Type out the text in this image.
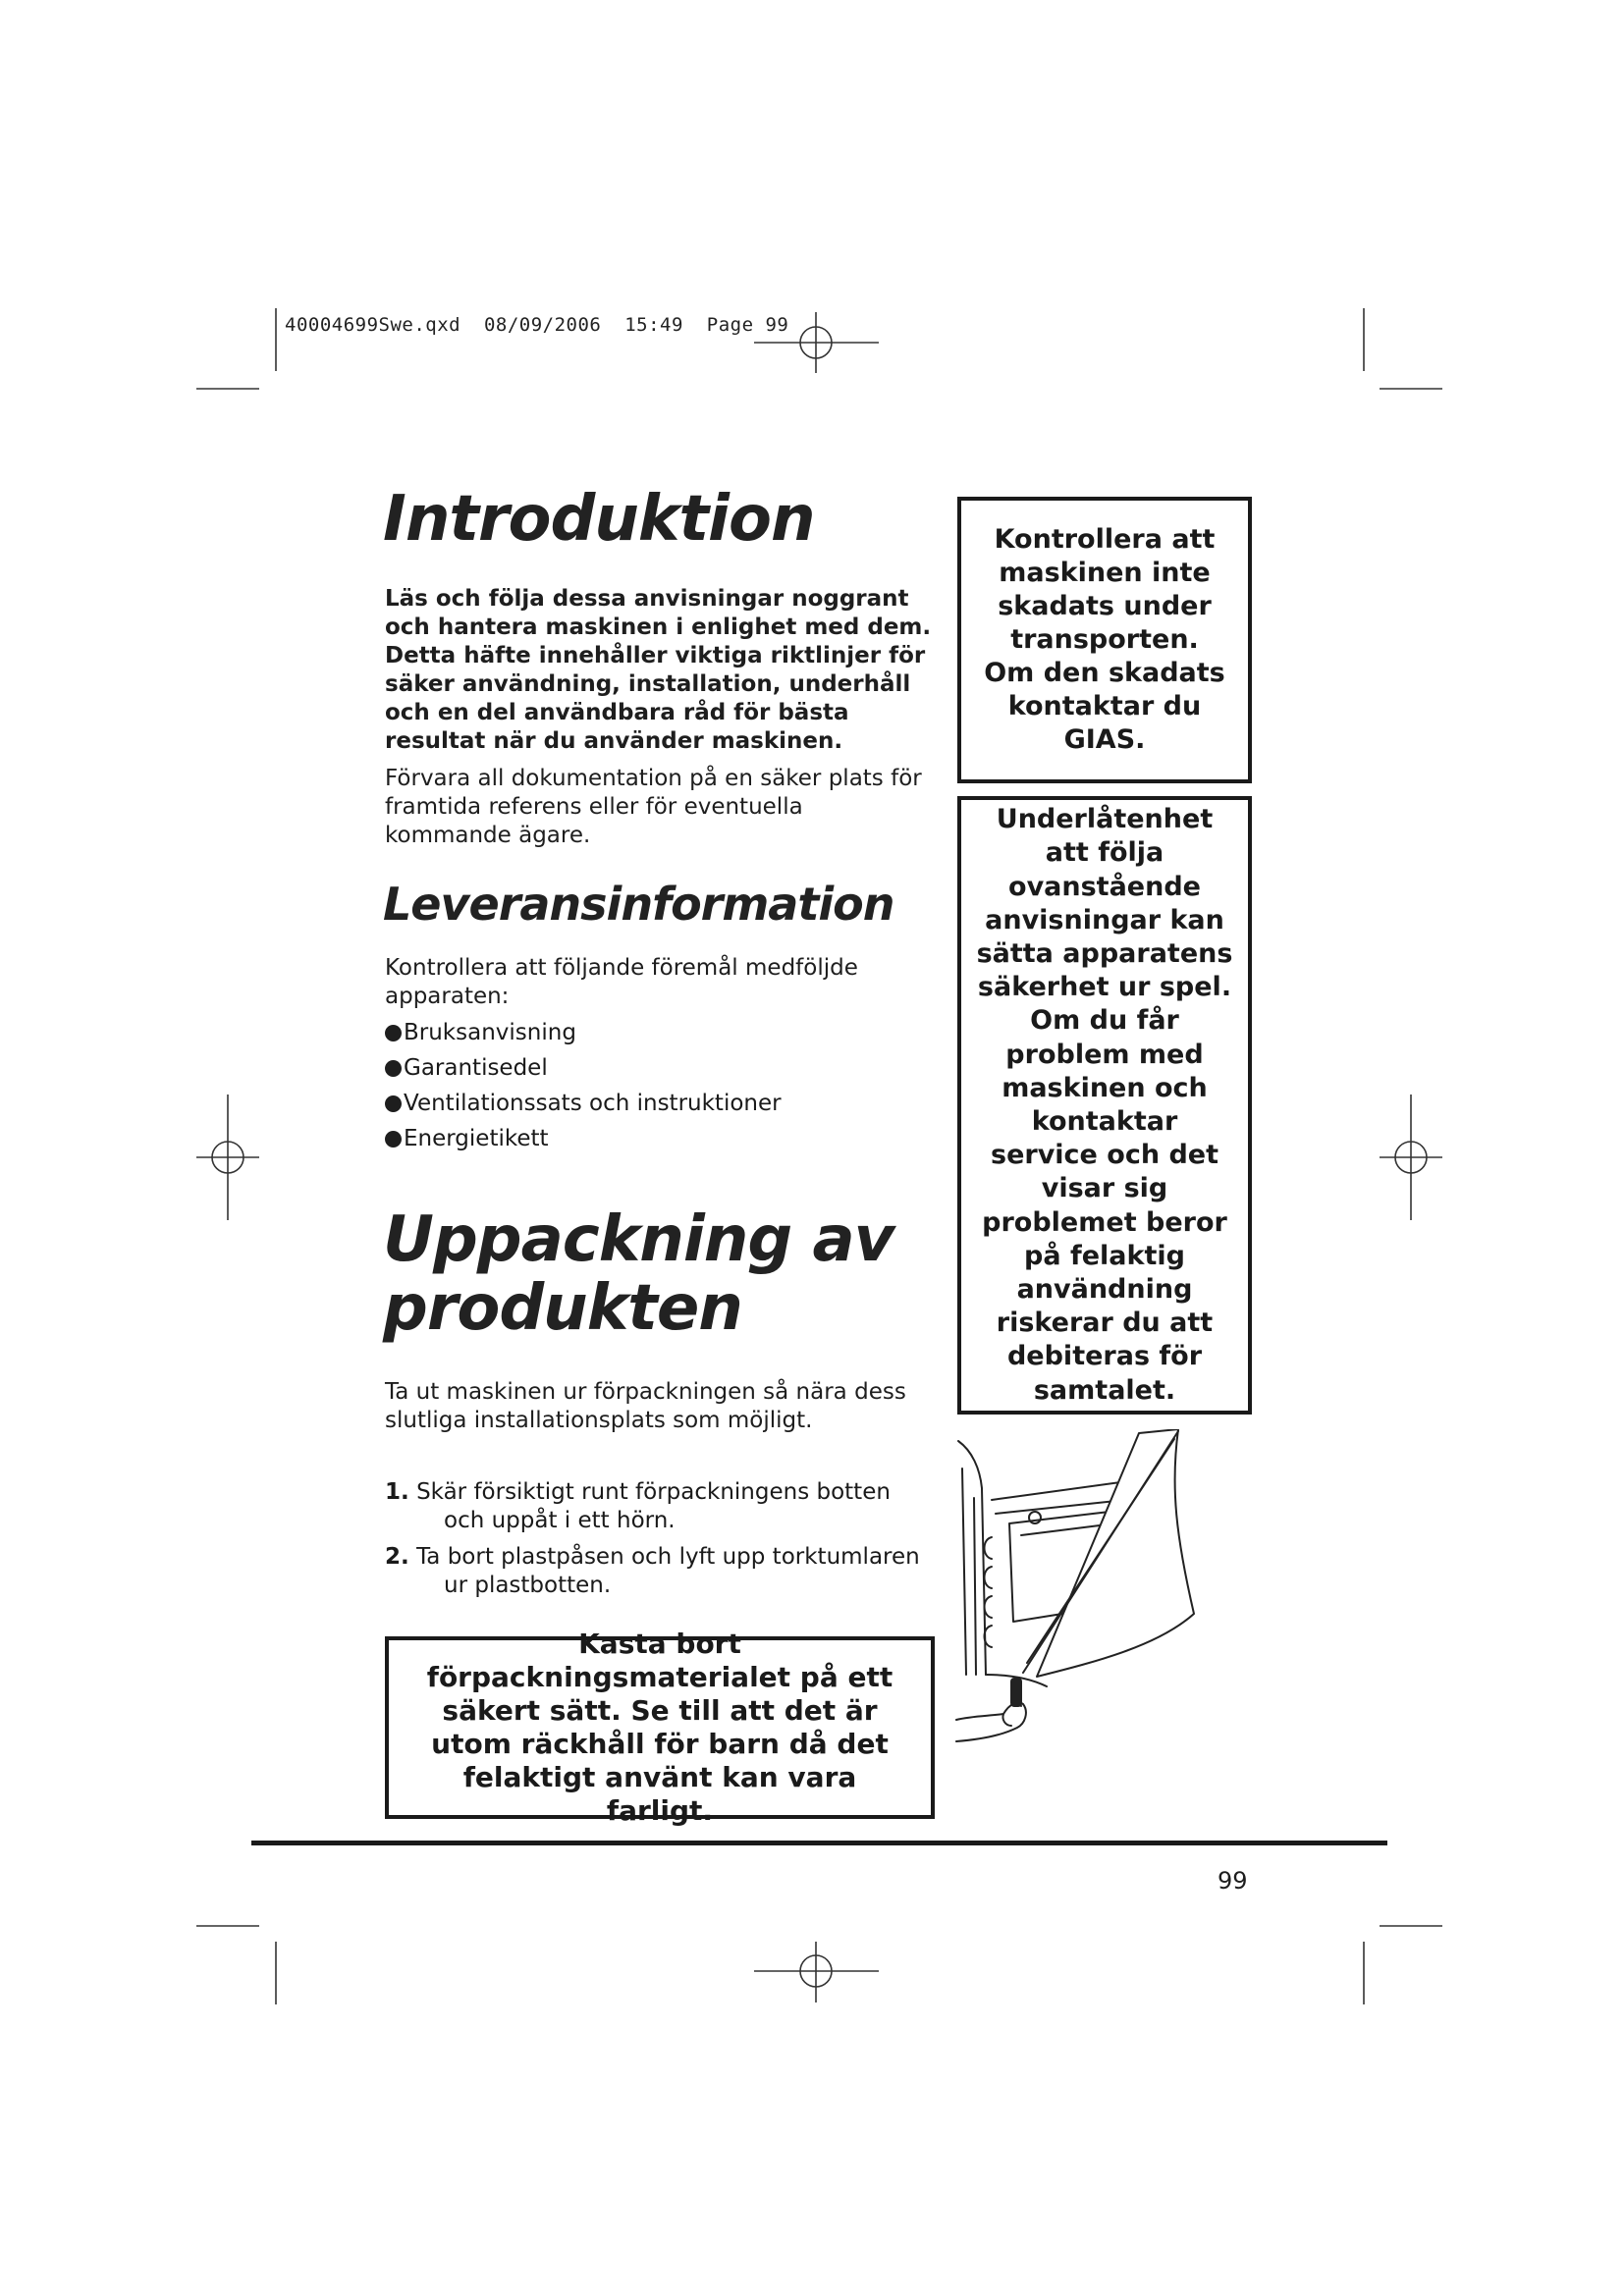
40004699Swe.qxd  08/09/2006  15:49  Page 99
Introduktion

Läs och följa dessa anvisningar noggrant och hantera maskinen i enlighet med dem. Detta häfte innehåller viktiga riktlinjer för säker användning, installation, underhåll och en del användbara råd för bästa resultat när du använder maskinen.

Förvara all dokumentation på en säker plats för framtida referens eller för eventuella kommande ägare.

Leveransinformation

Kontrollera att följande föremål medföljde apparaten:

Bruksanvisning
Garantisedel
Ventilationssats och instruktioner
Energietikett
Uppackning av produkten

Ta ut maskinen ur förpackningen så nära dess slutliga installationsplats som möjligt.

1. Skär försiktigt runt förpackningens botten och uppåt i ett hörn.
2. Ta bort plastpåsen och lyft upp torktumlaren ur plastbotten.
Kontrollera att maskinen inte skadats under transporten. Om den skadats kontaktar du GIAS.
Underlåtenhet att följa ovanstående anvisningar kan sätta apparatens säkerhet ur spel. Om du får problem med maskinen och kontaktar service och det visar sig problemet beror på felaktig användning riskerar du att debiteras för samtalet.
Kasta bort förpackningsmaterialet på ett säkert sätt. Se till att det är utom räckhåll för barn då det felaktigt använt kan vara farligt.
99
